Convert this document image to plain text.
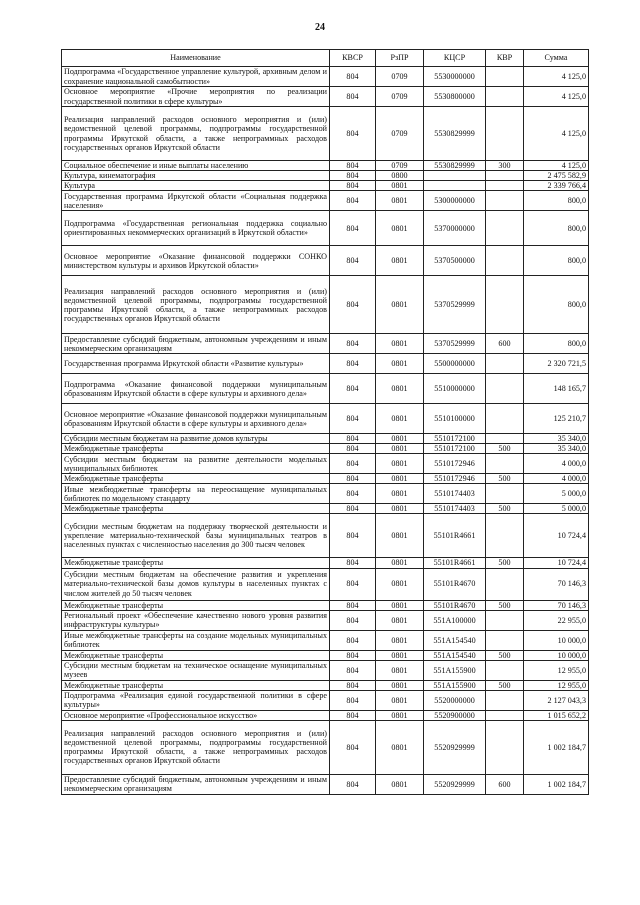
24
Наименование	КВСР	РзПР	КЦСР	КВР	Сумма
Подпрограмма «Государственное управление культурой, архивным делом и сохранение национальной самобытности»	804	0709	5530000000		4 125,0
Основное мероприятие «Прочие мероприятия по реализации государственной политики в сфере культуры»	804	0709	5530800000		4 125,0
Реализация направлений расходов основного мероприятия и (или) ведомственной целевой программы, подпрограммы государственной программы Иркутской области, а также непрограммных расходов государственных органов Иркутской области	804	0709	5530829999		4 125,0
Социальное обеспечение и иные выплаты населению	804	0709	5530829999	300	4 125,0
Культура, кинематография	804	0800			2 475 582,9
Культура	804	0801			2 339 766,4
Государственная программа Иркутской области «Социальная поддержка населения»	804	0801	5300000000		800,0
Подпрограмма «Государственная региональная поддержка социально ориентированных некоммерческих организаций в Иркутской области»	804	0801	5370000000		800,0
Основное мероприятие «Оказание финансовой поддержки СОНКО министерством культуры и архивов Иркутской области»	804	0801	5370500000		800,0
Реализация направлений расходов основного мероприятия и (или) ведомственной целевой программы, подпрограммы государственной программы Иркутской области, а также непрограммных расходов государственных органов Иркутской области	804	0801	5370529999		800,0
Предоставление субсидий бюджетным, автономным учреждениям и иным некоммерческим организациям	804	0801	5370529999	600	800,0
Государственная программа Иркутской области «Развитие культуры»	804	0801	5500000000		2 320 721,5
Подпрограмма «Оказание финансовой поддержки муниципальным образованиям Иркутской области в сфере культуры и архивного дела»	804	0801	5510000000		148 165,7
Основное мероприятие «Оказание финансовой поддержки муниципальным образованиям Иркутской области в сфере культуры и архивного дела»	804	0801	5510100000		125 210,7
Субсидии местным бюджетам на развитие домов культуры	804	0801	5510172100		35 340,0
Межбюджетные трансферты	804	0801	5510172100	500	35 340,0
Субсидии местным бюджетам на развитие деятельности модельных муниципальных библиотек	804	0801	5510172946		4 000,0
Межбюджетные трансферты	804	0801	5510172946	500	4 000,0
Иные межбюджетные трансферты на переоснащение муниципальных библиотек по модельному стандарту	804	0801	5510174403		5 000,0
Межбюджетные трансферты	804	0801	5510174403	500	5 000,0
Субсидии местным бюджетам на поддержку творческой деятельности и укрепление материально-технической базы муниципальных театров в населенных пунктах с численностью населения до 300 тысяч человек	804	0801	55101R4661		10 724,4
Межбюджетные трансферты	804	0801	55101R4661	500	10 724,4
Субсидии местным бюджетам на обеспечение развития и укрепления материально-технической базы домов культуры в населенных пунктах с числом жителей до 50 тысяч человек	804	0801	55101R4670		70 146,3
Межбюджетные трансферты	804	0801	55101R4670	500	70 146,3
Региональный проект «Обеспечение качественно нового уровня развития инфраструктуры культуры»	804	0801	551A100000		22 955,0
Иные межбюджетные трансферты на создание модельных муниципальных библиотек	804	0801	551A154540		10 000,0
Межбюджетные трансферты	804	0801	551A154540	500	10 000,0
Субсидии местным бюджетам на техническое оснащение муниципальных музеев	804	0801	551A155900		12 955,0
Межбюджетные трансферты	804	0801	551A155900	500	12 955,0
Подпрограмма «Реализация единой государственной политики в сфере культуры»	804	0801	5520000000		2 127 043,3
Основное мероприятие «Профессиональное искусство»	804	0801	5520900000		1 015 652,2
Реализация направлений расходов основного мероприятия и (или) ведомственной целевой программы, подпрограммы государственной программы Иркутской области, а также непрограммных расходов государственных органов Иркутской области	804	0801	5520929999		1 002 184,7
Предоставление субсидий бюджетным, автономным учреждениям и иным некоммерческим организациям	804	0801	5520929999	600	1 002 184,7
